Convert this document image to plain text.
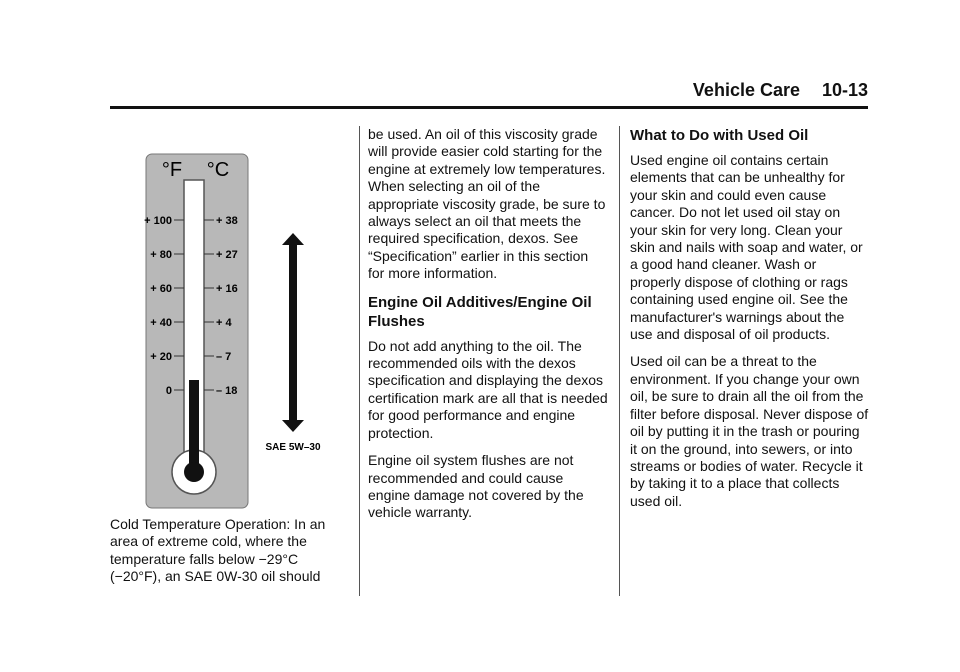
Vehicle Care 10-13
°F °C
+ 100	+ 38
+ 80	+ 27
+ 60	+ 16
+ 40	+ 4
+ 20	– 7
0	– 18
SAE 5W–30

Cold Temperature Operation: In an area of extreme cold, where the temperature falls below −29°C (−20°F), an SAE 0W-30 oil should

be used. An oil of this viscosity grade will provide easier cold starting for the engine at extremely low temperatures. When selecting an oil of the appropriate viscosity grade, be sure to always select an oil that meets the required specification, dexos. See “Specification” earlier in this section for more information.

Engine Oil Additives/Engine Oil Flushes

Do not add anything to the oil. The recommended oils with the dexos specification and displaying the dexos certification mark are all that is needed for good performance and engine protection.

Engine oil system flushes are not recommended and could cause engine damage not covered by the vehicle warranty.

What to Do with Used Oil

Used engine oil contains certain elements that can be unhealthy for your skin and could even cause cancer. Do not let used oil stay on your skin for very long. Clean your skin and nails with soap and water, or a good hand cleaner. Wash or properly dispose of clothing or rags containing used engine oil. See the manufacturer's warnings about the use and disposal of oil products.

Used oil can be a threat to the environment. If you change your own oil, be sure to drain all the oil from the filter before disposal. Never dispose of oil by putting it in the trash or pouring it on the ground, into sewers, or into streams or bodies of water. Recycle it by taking it to a place that collects used oil.
